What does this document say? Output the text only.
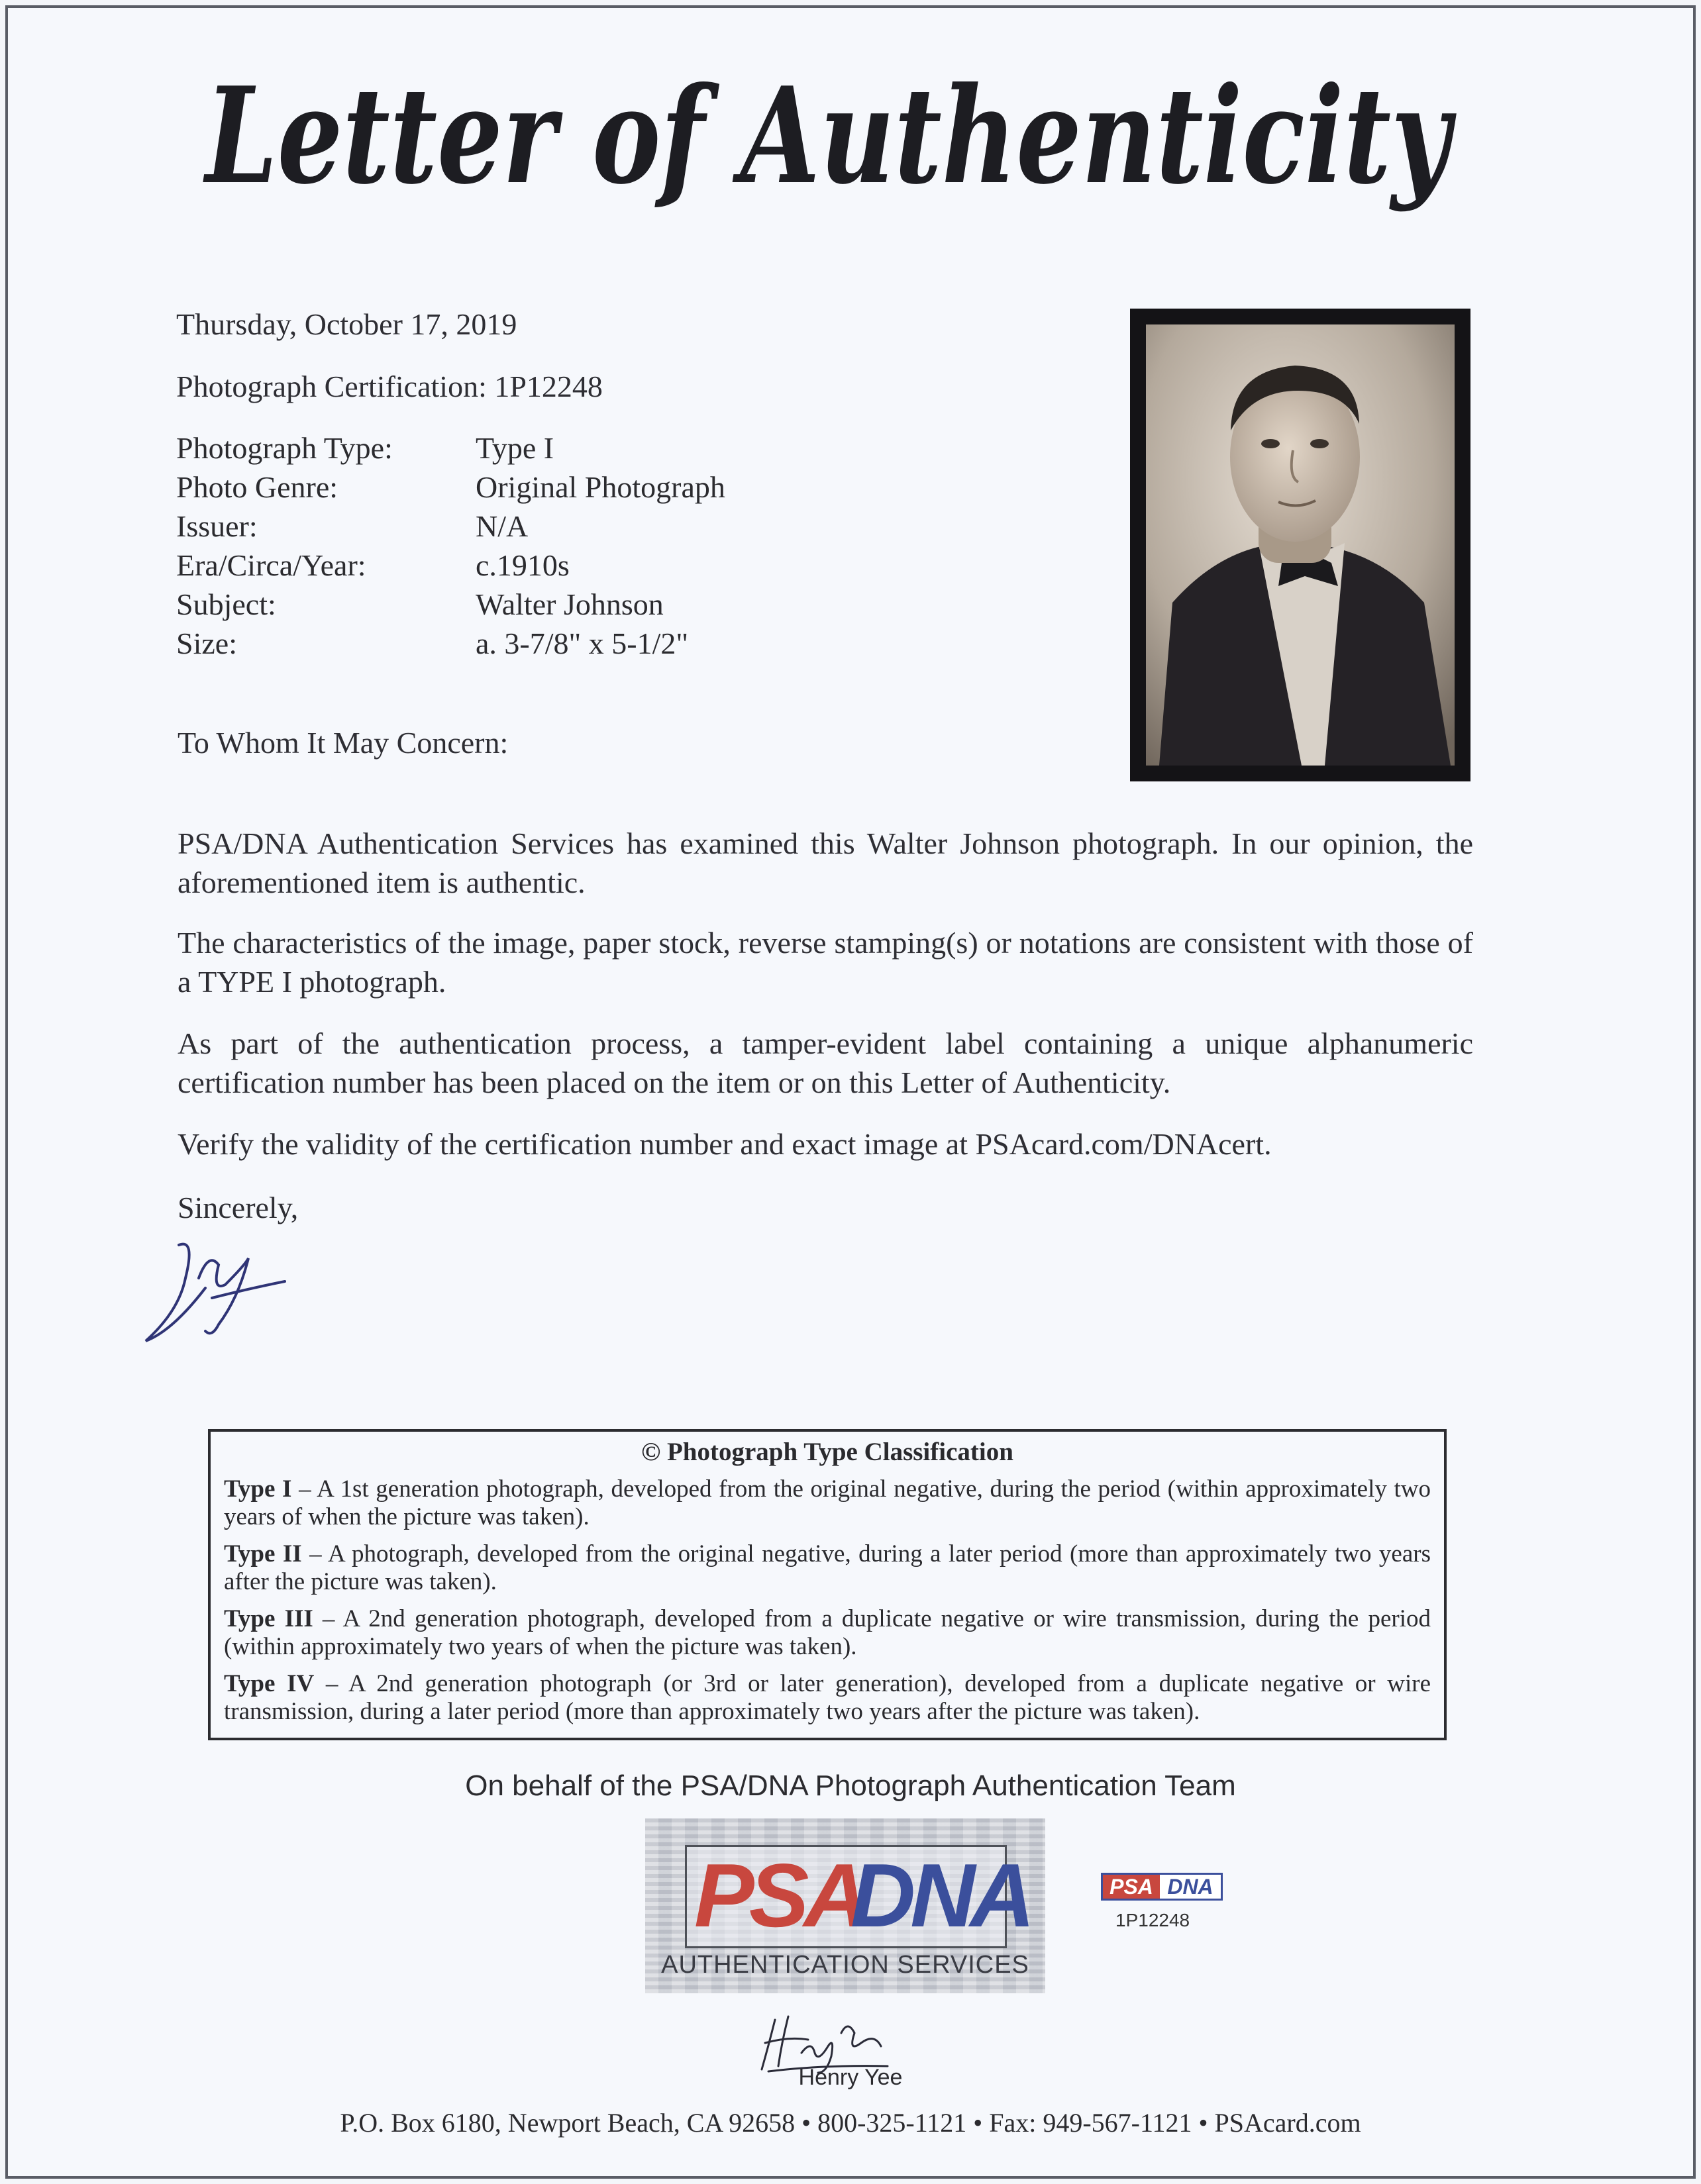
Letter of Authenticity
Thursday, October 17, 2019
Photograph Certification: 1P12248
Photograph Type:	Type I
Photo Genre:	Original Photograph
Issuer:	N/A
Era/Circa/Year:	c.1910s
Subject:	Walter Johnson
Size:	a. 3-7/8" x 5-1/2"
To Whom It May Concern:
PSA/DNA Authentication Services has examined this Walter Johnson photograph. In our opinion, the aforementioned item is authentic.
The characteristics of the image, paper stock, reverse stamping(s) or notations are consistent with those of a TYPE I photograph.
As part of the authentication process, a tamper-evident label containing a unique alphanumeric certification number has been placed on the item or on this Letter of Authenticity.
Verify the validity of the certification number and exact image at PSAcard.com/DNAcert.
Sincerely,
© Photograph Type Classification
Type I – A 1st generation photograph, developed from the original negative, during the period (within approximately two years of when the picture was taken).
Type II – A photograph, developed from the original negative, during a later period (more than approximately two years after the picture was taken).
Type III – A 2nd generation photograph, developed from a duplicate negative or wire transmission, during the period (within approximately two years of when the picture was taken).
Type IV – A 2nd generation photograph (or 3rd or later generation), developed from a duplicate negative or wire transmission, during a later period (more than approximately two years after the picture was taken).
On behalf of the PSA/DNA Photograph Authentication Team
PSA
DNA
AUTHENTICATION SERVICES
PSA DNA
1P12248
Henry Yee
P.O. Box 6180, Newport Beach, CA 92658 • 800-325-1121 • Fax: 949-567-1121 • PSAcard.com
